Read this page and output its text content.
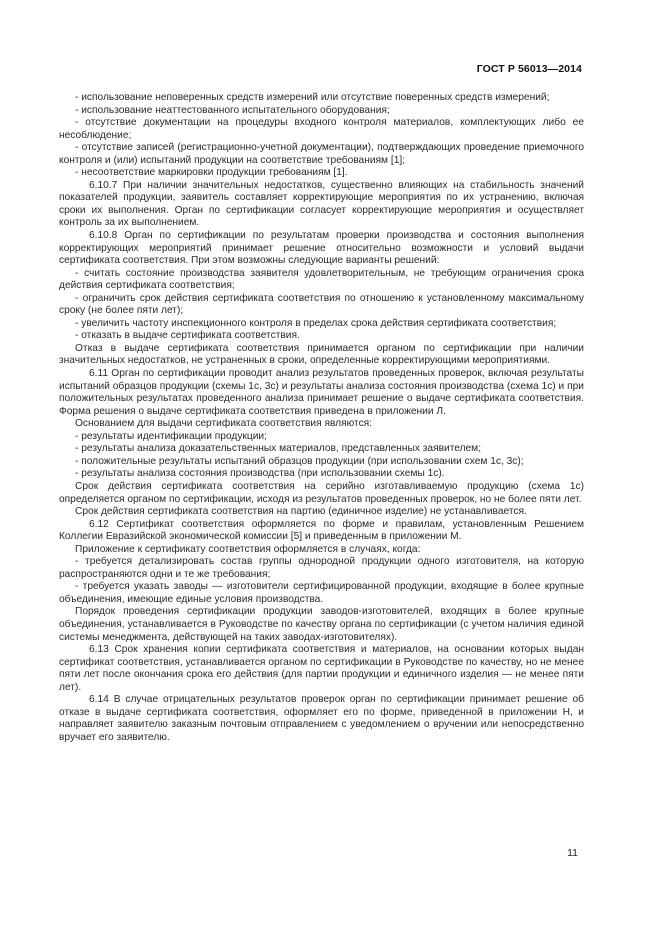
ГОСТ Р 56013—2014

- использование неповеренных средств измерений или отсутствие поверенных средств измерений;

- использование неаттестованного испытательного оборудования;

- отсутствие документации на процедуры входного контроля материалов, комплектующих либо ее несоблюдение;

- отсутствие записей (регистрационно-учетной документации), подтверждающих проведение приемочного контроля и (или) испытаний продукции на соответствие требованиям [1];

- несоответствие маркировки продукции требованиям [1].

6.10.7 При наличии значительных недостатков, существенно влияющих на стабильность значений показателей продукции, заявитель составляет корректирующие мероприятия по их устранению, включая сроки их выполнения. Орган по сертификации согласует корректирующие мероприятия и осуществляет контроль за их выполнением.

6.10.8 Орган по сертификации по результатам проверки производства и состояния выполнения корректирующих мероприятий принимает решение относительно возможности и условий выдачи сертификата соответствия. При этом возможны следующие варианты решений:

- считать состояние производства заявителя удовлетворительным, не требующим ограничения срока действия сертификата соответствия;

- ограничить срок действия сертификата соответствия по отношению к установленному максимальному сроку (не более пяти лет);

- увеличить частоту инспекционного контроля в пределах срока действия сертификата соответствия;

- отказать в выдаче сертификата соответствия.

Отказ в выдаче сертификата соответствия принимается органом по сертификации при наличии значительных недостатков, не устраненных в сроки, определенные корректирующими мероприятиями.

6.11 Орган по сертификации проводит анализ результатов проведенных проверок, включая результаты испытаний образцов продукции (схемы 1с, 3с) и результаты анализа состояния производства (схема 1с) и при положительных результатах проведенного анализа принимает решение о выдаче сертификата соответствия. Форма решения о выдаче сертификата соответствия приведена в приложении Л.

Основанием для выдачи сертификата соответствия являются:

- результаты идентификации продукции;

- результаты анализа доказательственных материалов, представленных заявителем;

- положительные результаты испытаний образцов продукции (при использовании схем 1с, 3с);

- результаты анализа состояния производства (при использовании схемы 1с).

Срок действия сертификата соответствия на серийно изготавливаемую продукцию (схема 1с) определяется органом по сертификации, исходя из результатов проведенных проверок, но не более пяти лет.

Срок действия сертификата соответствия на партию (единичное изделие) не устанавливается.

6.12 Сертификат соответствия оформляется по форме и правилам, установленным Решением Коллегии Евразийской экономической комиссии [5] и приведенным в приложении М.

Приложение к сертификату соответствия оформляется в случаях, когда:

- требуется детализировать состав группы однородной продукции одного изготовителя, на которую распространяются одни и те же требования;

- требуется указать заводы — изготовители сертифицированной продукции, входящие в более крупные объединения, имеющие единые условия производства.

Порядок проведения сертификации продукции заводов-изготовителей, входящих в более крупные объединения, устанавливается в Руководстве по качеству органа по сертификации (с учетом наличия единой системы менеджмента, действующей на таких заводах-изготовителях).

6.13 Срок хранения копии сертификата соответствия и материалов, на основании которых выдан сертификат соответствия, устанавливается органом по сертификации в Руководстве по качеству, но не менее пяти лет после окончания срока его действия (для партии продукции и единичного изделия — не менее пяти лет).

6.14 В случае отрицательных результатов проверок орган по сертификации принимает решение об отказе в выдаче сертификата соответствия, оформляет его по форме, приведенной в приложении Н, и направляет заявителю заказным почтовым отправлением с уведомлением о вручении или непосредственно вручает его заявителю.

11
